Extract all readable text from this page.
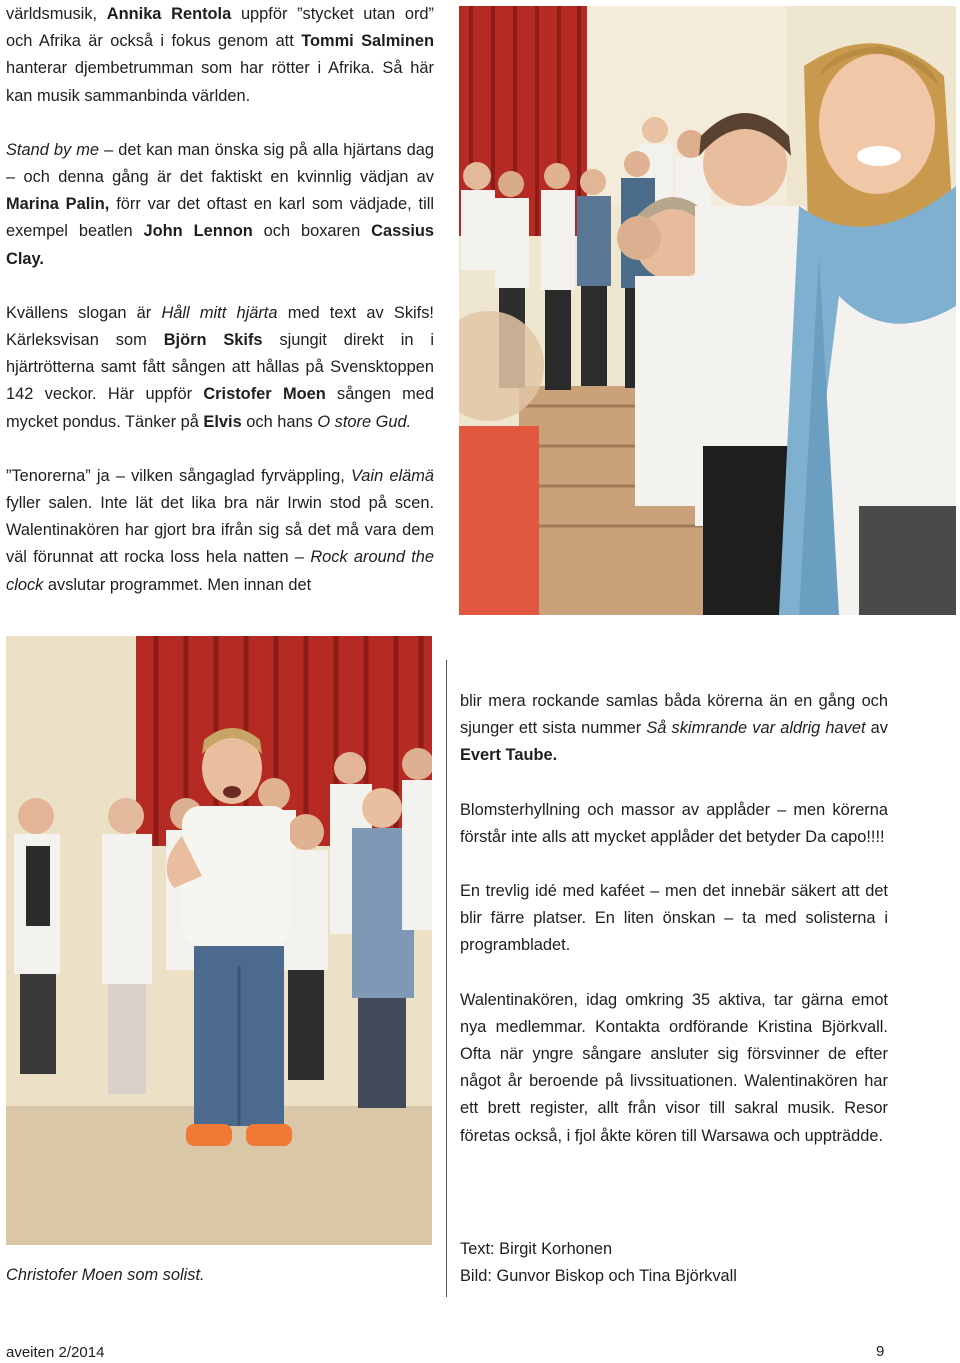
världsmusik, Annika Rentola uppför ”stycket utan ord” och Afrika är också i fokus genom att Tommi Salminen hanterar djembetrumman som har rötter i Afrika. Så här kan musik sammanbinda världen.

Stand by me – det kan man önska sig på alla hjärtans dag – och denna gång är det faktiskt en kvinnlig vädjan av Marina Palin, förr var det oftast en karl som vädjade, till exempel beatlen John Lennon och boxaren Cassius Clay.

Kvällens slogan är Håll mitt hjärta med text av Skifs! Kärleksvisan som Björn Skifs sjungit direkt in i hjärtrötterna samt fått sången att hållas på Svensktoppen 142 veckor. Här uppför Cristofer Moen sången med mycket pondus. Tänker på Elvis och hans O store Gud.

”Tenorerna” ja – vilken sångaglad fyrväppling, Vain elämä fyller salen. Inte lät det lika bra när Irwin stod på scen. Walentinakören har gjort bra ifrån sig så det må vara dem väl förunnat att rocka loss hela natten – Rock around the clock avslutar programmet. Men innan det

blir mera rockande samlas båda körerna än en gång och sjunger ett sista nummer Så skimrande var aldrig havet av Evert Taube.

Blomsterhyllning och massor av applåder – men körerna förstår inte alls att mycket applåder det betyder Da capo!!!!

En trevlig idé med kaféet – men det innebär säkert att det blir färre platser. En liten önskan – ta med solisterna i programbladet.

Walentinakören, idag omkring 35 aktiva, tar gärna emot nya medlemmar. Kontakta ordförande Kristina Björkvall. Ofta när yngre sångare ansluter sig försvinner de efter något år beroende på livssituationen. Walentinakören har ett brett register, allt från visor till sakral musik. Resor företas också, i fjol åkte kören till Warsawa och uppträdde.

Christofer Moen som solist.
Text: Birgit Korhonen
Bild: Gunvor Biskop och Tina Björkvall
aveiten 2/2014	9
